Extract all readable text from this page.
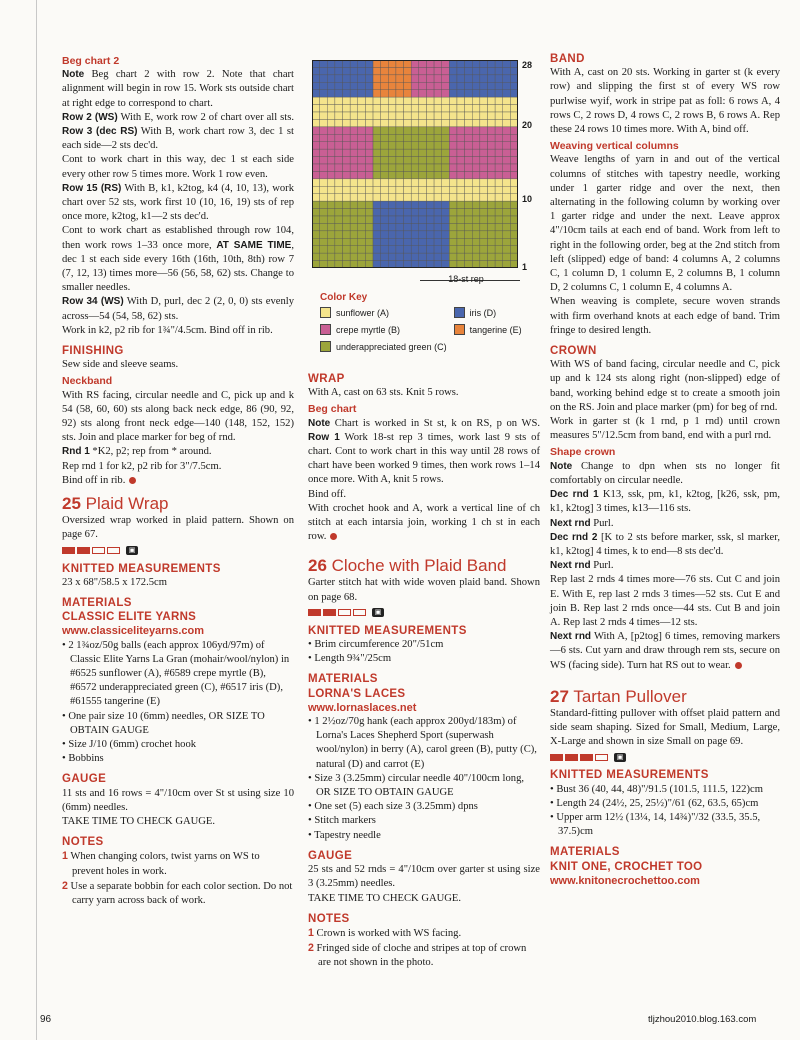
Beg chart 2

Note Beg chart 2 with row 2. Note that chart alignment will begin in row 15. Work sts outside chart at right edge to correspond to chart.

Row 2 (WS) With E, work row 2 of chart over all sts. Row 3 (dec RS) With B, work chart row 3, dec 1 st each side—2 sts dec'd.

Cont to work chart in this way, dec 1 st each side every other row 5 times more. Work 1 row even.

Row 15 (RS) With B, k1, k2tog, k4 (4, 10, 13), work chart over 52 sts, work first 10 (10, 16, 19) sts of rep once more, k2tog, k1—2 sts dec'd.

Cont to work chart as established through row 104, then work rows 1–33 once more, AT SAME TIME, dec 1 st each side every 16th (16th, 10th, 8th) row 7 (7, 12, 13) times more—56 (56, 58, 62) sts. Change to smaller needles.

Row 34 (WS) With D, purl, dec 2 (2, 0, 0) sts evenly across—54 (54, 58, 62) sts.

Work in k2, p2 rib for 1¾"/4.5cm. Bind off in rib.

FINISHING

Sew side and sleeve seams.

Neckband

With RS facing, circular needle and C, pick up and k 54 (58, 60, 60) sts along back neck edge, 86 (90, 92, 92) sts along front neck edge—140 (148, 152, 152) sts. Join and place marker for beg of rnd.

Rnd 1 *K2, p2; rep from * around.

Rep rnd 1 for k2, p2 rib for 3"/7.5cm.

Bind off in rib.

25 Plaid Wrap

Oversized wrap worked in plaid pattern. Shown on page 67.

▣
KNITTED MEASUREMENTS

23 x 68"/58.5 x 172.5cm

MATERIALS
CLASSIC ELITE YARNS
www.classiceliteyarns.com
• 2 1¾oz/50g balls (each approx 106yd/97m) of Classic Elite Yarns La Gran (mohair/wool/nylon) in #6525 sunflower (A), #6589 crepe myrtle (B), #6572 underappreciated green (C), #6517 iris (D), #61555 tangerine (E)
• One pair size 10 (6mm) needles, OR SIZE TO OBTAIN GAUGE
• Size J/10 (6mm) crochet hook
• Bobbins
GAUGE

11 sts and 16 rows = 4"/10cm over St st using size 10 (6mm) needles.

TAKE TIME TO CHECK GAUGE.

NOTES
1 When changing colors, twist yarns on WS to prevent holes in work.
2 Use a separate bobbin for each color section. Do not carry yarn across back of work.
28
20
10
1
18-st rep
Color Key
sunflower (A)	iris (D)
crepe myrtle (B)	tangerine (E)
underappreciated green (C)
WRAP

With A, cast on 63 sts. Knit 5 rows.

Beg chart

Note Chart is worked in St st, k on RS, p on WS. Row 1 Work 18-st rep 3 times, work last 9 sts of chart. Cont to work chart in this way until 28 rows of chart have been worked 9 times, then work rows 1–14 once more. With A, knit 5 rows.

Bind off.

With crochet hook and A, work a vertical line of ch stitch at each intarsia join, working 1 ch st in each row.

26 Cloche with Plaid Band

Garter stitch hat with wide woven plaid band. Shown on page 68.

▣
KNITTED MEASUREMENTS
• Brim circumference 20"/51cm
• Length 9¾"/25cm
MATERIALS
LORNA'S LACES
www.lornaslaces.net
• 1 2½oz/70g hank (each approx 200yd/183m) of Lorna's Laces Shepherd Sport (superwash wool/nylon) in berry (A), carol green (B), putty (C), natural (D) and carrot (E)
• Size 3 (3.25mm) circular needle 40"/100cm long, OR SIZE TO OBTAIN GAUGE
• One set (5) each size 3 (3.25mm) dpns
• Stitch markers
• Tapestry needle
GAUGE

25 sts and 52 rnds = 4"/10cm over garter st using size 3 (3.25mm) needles.

TAKE TIME TO CHECK GAUGE.

NOTES
1 Crown is worked with WS facing.
2 Fringed side of cloche and stripes at top of crown are not shown in the photo.
BAND

With A, cast on 20 sts. Working in garter st (k every row) and slipping the first st of every WS row purlwise wyif, work in stripe pat as foll: 6 rows A, 4 rows C, 2 rows D, 4 rows C, 2 rows B, 6 rows A. Rep these 24 rows 10 times more. With A, bind off.

Weaving vertical columns

Weave lengths of yarn in and out of the vertical columns of stitches with tapestry needle, working under 1 garter ridge and over the next, then alternating in the following column by working over 1 garter ridge and under the next. Leave approx 4"/10cm tails at each end of band. Work from left to right in the following order, beg at the 2nd stitch from left (slipped) edge of band: 4 columns A, 2 columns C, 1 column D, 1 column E, 2 columns B, 1 column D, 2 columns C, 1 column E, 4 columns A.

When weaving is complete, secure woven strands with firm overhand knots at each edge of band. Trim fringe to desired length.

CROWN

With WS of band facing, circular needle and C, pick up and k 124 sts along right (non-slipped) edge of band, working behind edge st to create a smooth join on the RS. Join and place marker (pm) for beg of rnd.

Work in garter st (k 1 rnd, p 1 rnd) until crown measures 5"/12.5cm from band, end with a purl rnd.

Shape crown

Note Change to dpn when sts no longer fit comfortably on circular needle.

Dec rnd 1 K13, ssk, pm, k1, k2tog, [k26, ssk, pm, k1, k2tog] 3 times, k13—116 sts.

Next rnd Purl.

Dec rnd 2 [K to 2 sts before marker, ssk, sl marker, k1, k2tog] 4 times, k to end—8 sts dec'd.

Next rnd Purl.

Rep last 2 rnds 4 times more—76 sts. Cut C and join E. With E, rep last 2 rnds 3 times—52 sts. Cut E and join B. Rep last 2 rnds once—44 sts. Cut B and join A. Rep last 2 rnds 4 times—12 sts.

Next rnd With A, [p2tog] 6 times, removing markers—6 sts. Cut yarn and draw through rem sts, secure on WS (facing side). Turn hat RS out to wear.

27 Tartan Pullover

Standard-fitting pullover with offset plaid pattern and side seam shaping. Sized for Small, Medium, Large, X-Large and shown in size Small on page 69.

▣
KNITTED MEASUREMENTS
• Bust 36 (40, 44, 48)"/91.5 (101.5, 111.5, 122)cm
• Length 24 (24½, 25, 25½)"/61 (62, 63.5, 65)cm
• Upper arm 12½ (13¼, 14, 14¾)"/32 (33.5, 35.5, 37.5)cm
MATERIALS
KNIT ONE, CROCHET TOO
www.knitonecrochettoo.com
96	tljzhou2010.blog.163.com
